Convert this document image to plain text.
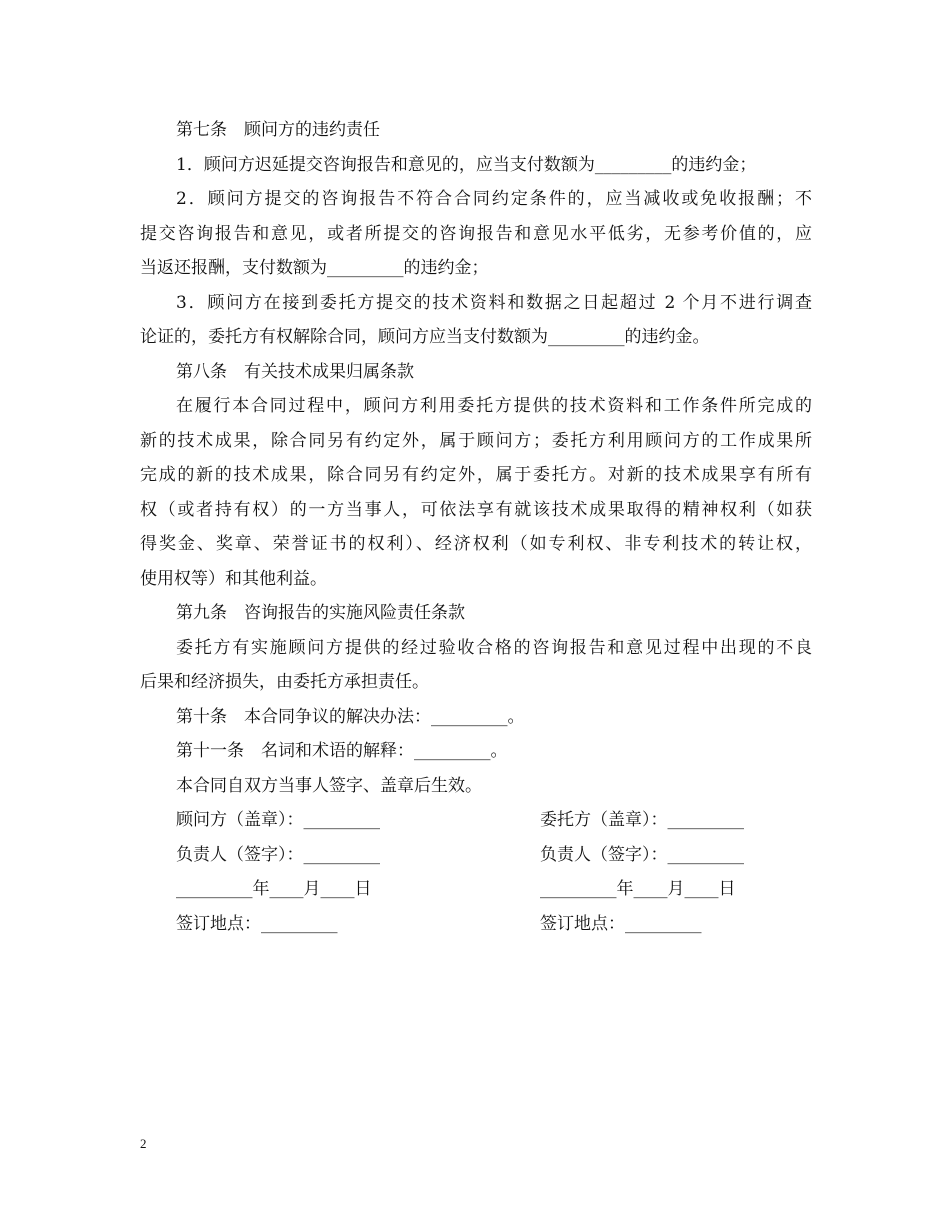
第七条　顾问方的违约责任
1．顾问方迟延提交咨询报告和意见的，应当支付数额为_________的违约金；
2．顾问方提交的咨询报告不符合合同约定条件的，应当减收或免收报酬；不
提交咨询报告和意见，或者所提交的咨询报告和意见水平低劣，无参考价值的，应
当返还报酬，支付数额为_________的违约金；
3．顾问方在接到委托方提交的技术资料和数据之日起超过 2 个月不进行调查
论证的，委托方有权解除合同，顾问方应当支付数额为_________的违约金。
第八条　有关技术成果归属条款
在履行本合同过程中，顾问方利用委托方提供的技术资料和工作条件所完成的
新的技术成果，除合同另有约定外，属于顾问方；委托方利用顾问方的工作成果所
完成的新的技术成果，除合同另有约定外，属于委托方。对新的技术成果享有所有
权（或者持有权）的一方当事人，可依法享有就该技术成果取得的精神权利（如获
得奖金、奖章、荣誉证书的权利）、经济权利（如专利权、非专利技术的转让权，
使用权等）和其他利益。
第九条　咨询报告的实施风险责任条款
委托方有实施顾问方提供的经过验收合格的咨询报告和意见过程中出现的不良
后果和经济损失，由委托方承担责任。
第十条　本合同争议的解决办法：_________。
第十一条　名词和术语的解释：_________。
本合同自双方当事人签字、盖章后生效。
顾问方（盖章）：_________	委托方（盖章）：_________
负责人（签字）：_________	负责人（签字）：_________
_________年____月____日	_________年____月____日
签订地点：_________	签订地点：_________
2
